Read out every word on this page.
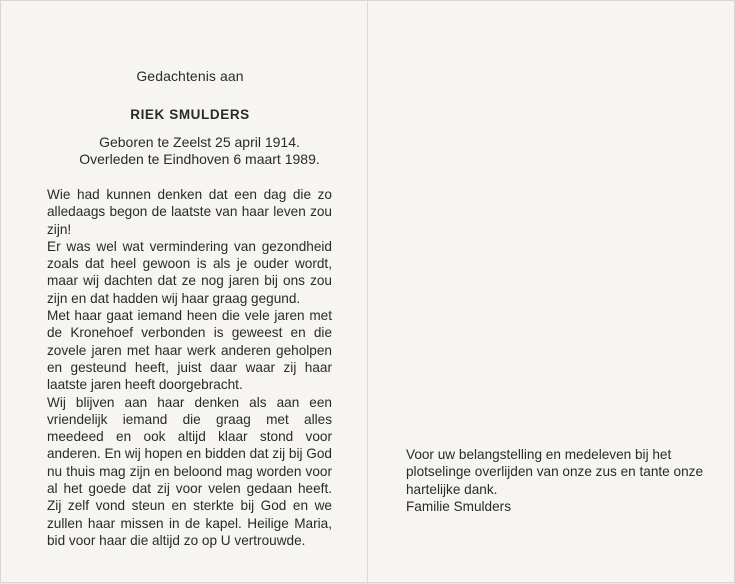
Gedachtenis aan
RIEK SMULDERS
Geboren te Zeelst 25 april 1914.
Overleden te Eindhoven 6 maart 1989.

Wie had kunnen denken dat een dag die zo alledaags begon de laatste van haar leven zou zijn!

Er was wel wat vermindering van gezondheid zoals dat heel gewoon is als je ouder wordt, maar wij dachten dat ze nog jaren bij ons zou zijn en dat hadden wij haar graag gegund.

Met haar gaat iemand heen die vele jaren met de Kronehoef verbonden is geweest en die zovele jaren met haar werk anderen geholpen en gesteund heeft, juist daar waar zij haar laatste jaren heeft doorgebracht.

Wij blijven aan haar denken als aan een vriendelijk iemand die graag met alles meedeed en ook altijd klaar stond voor anderen. En wij hopen en bidden dat zij bij God nu thuis mag zijn en beloond mag worden voor al het goede dat zij voor velen gedaan heeft. Zij zelf vond steun en sterkte bij God en we zullen haar missen in de kapel. Heilige Maria, bid voor haar die altijd zo op U vertrouwde.

Voor uw belangstelling en medeleven bij het plotselinge overlijden van onze zus en tante onze hartelijke dank.

Familie Smulders
